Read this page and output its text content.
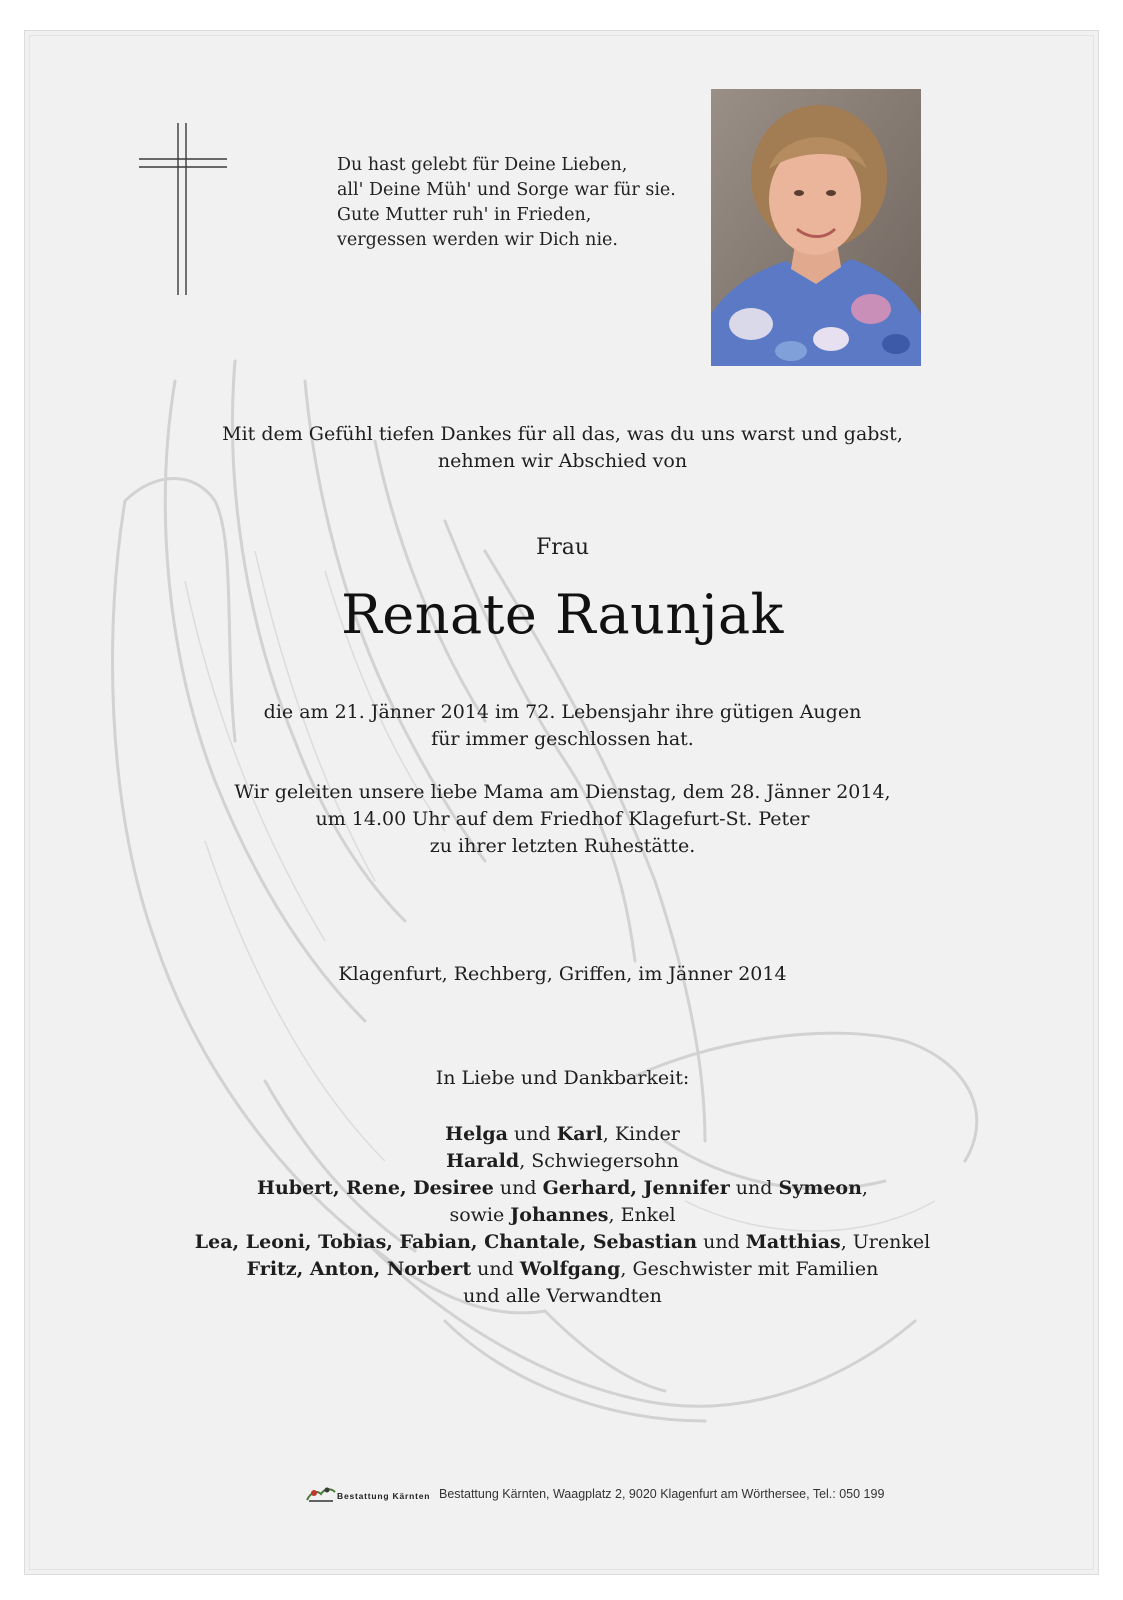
Du hast gelebt für Deine Lieben,
all' Deine Müh' und Sorge war für sie.
Gute Mutter ruh' in Frieden,
vergessen werden wir Dich nie.
Mit dem Gefühl tiefen Dankes für all das, was du uns warst und gabst,
nehmen wir Abschied von
Frau
Renate Raunjak
die am 21. Jänner 2014 im 72. Lebensjahr ihre gütigen Augen
für immer geschlossen hat.
Wir geleiten unsere liebe Mama am Dienstag, dem 28. Jänner 2014,
um 14.00 Uhr auf dem Friedhof Klagefurt-St. Peter
zu ihrer letzten Ruhestätte.
Klagenfurt, Rechberg, Griffen, im Jänner 2014
In Liebe und Dankbarkeit:
Helga und Karl, Kinder
Harald, Schwiegersohn
Hubert, Rene, Desiree und Gerhard, Jennifer und Symeon,
sowie Johannes, Enkel
Lea, Leoni, Tobias, Fabian, Chantale, Sebastian und Matthias, Urenkel
Fritz, Anton, Norbert und Wolfgang, Geschwister mit Familien
und alle Verwandten
Bestattung Kärnten Bestattung Kärnten, Waagplatz 2, 9020 Klagenfurt am Wörthersee, Tel.: 050 199
